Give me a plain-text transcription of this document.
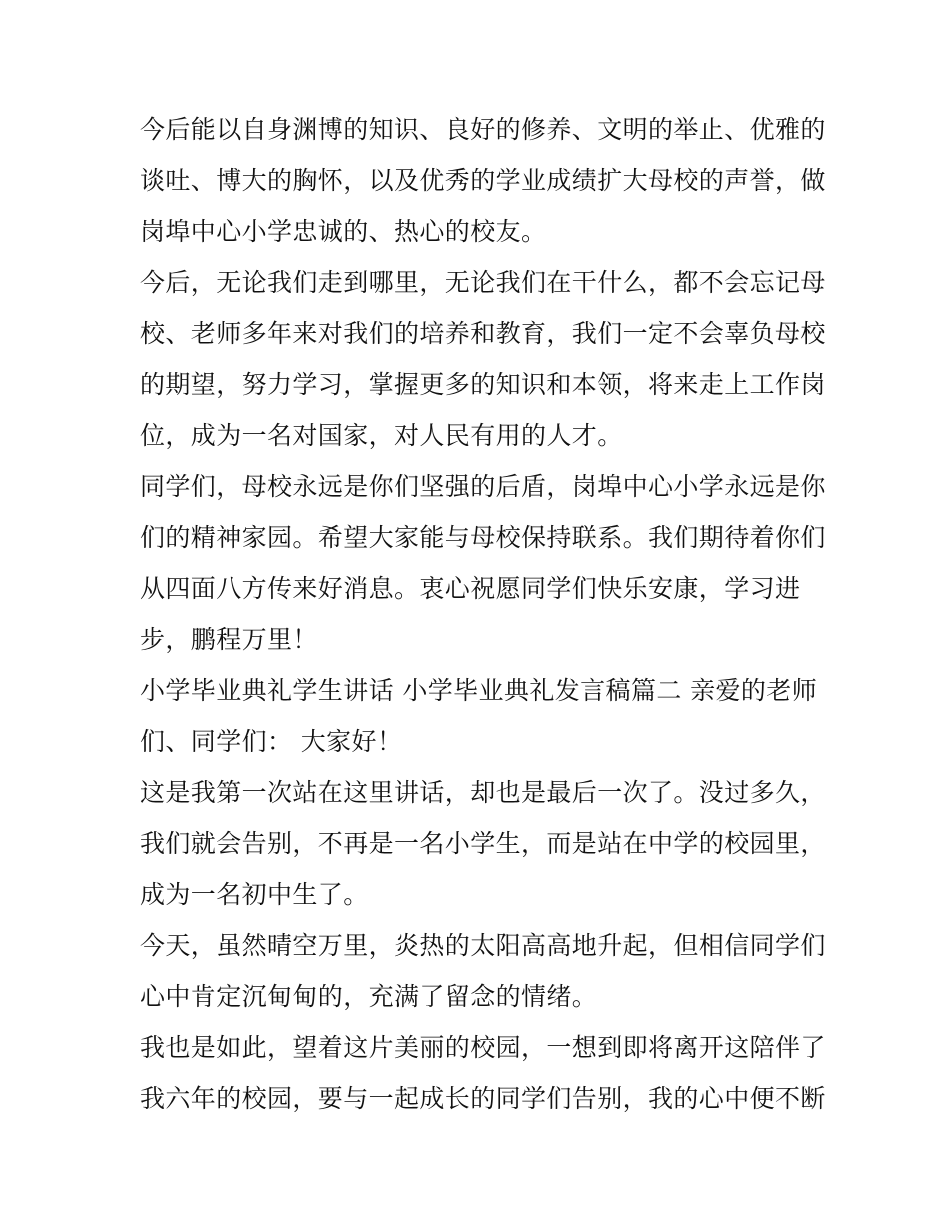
今后能以自身渊博的知识、良好的修养、文明的举止、优雅的
谈吐、博大的胸怀，以及优秀的学业成绩扩大母校的声誉，做
岗埠中心小学忠诚的、热心的校友。
今后，无论我们走到哪里，无论我们在干什么，都不会忘记母
校、老师多年来对我们的培养和教育，我们一定不会辜负母校
的期望，努力学习，掌握更多的知识和本领，将来走上工作岗
位，成为一名对国家，对人民有用的人才。
同学们，母校永远是你们坚强的后盾，岗埠中心小学永远是你
们的精神家园。希望大家能与母校保持联系。我们期待着你们
从四面八方传来好消息。衷心祝愿同学们快乐安康，学习进
步，鹏程万里！
小学毕业典礼学生讲话 小学毕业典礼发言稿篇二 亲爱的老师
们、同学们： 大家好！
这是我第一次站在这里讲话，却也是最后一次了。没过多久，
我们就会告别，不再是一名小学生，而是站在中学的校园里，
成为一名初中生了。
今天，虽然晴空万里，炎热的太阳高高地升起，但相信同学们
心中肯定沉甸甸的，充满了留念的情绪。
我也是如此，望着这片美丽的校园，一想到即将离开这陪伴了
我六年的校园，要与一起成长的同学们告别，我的心中便不断
